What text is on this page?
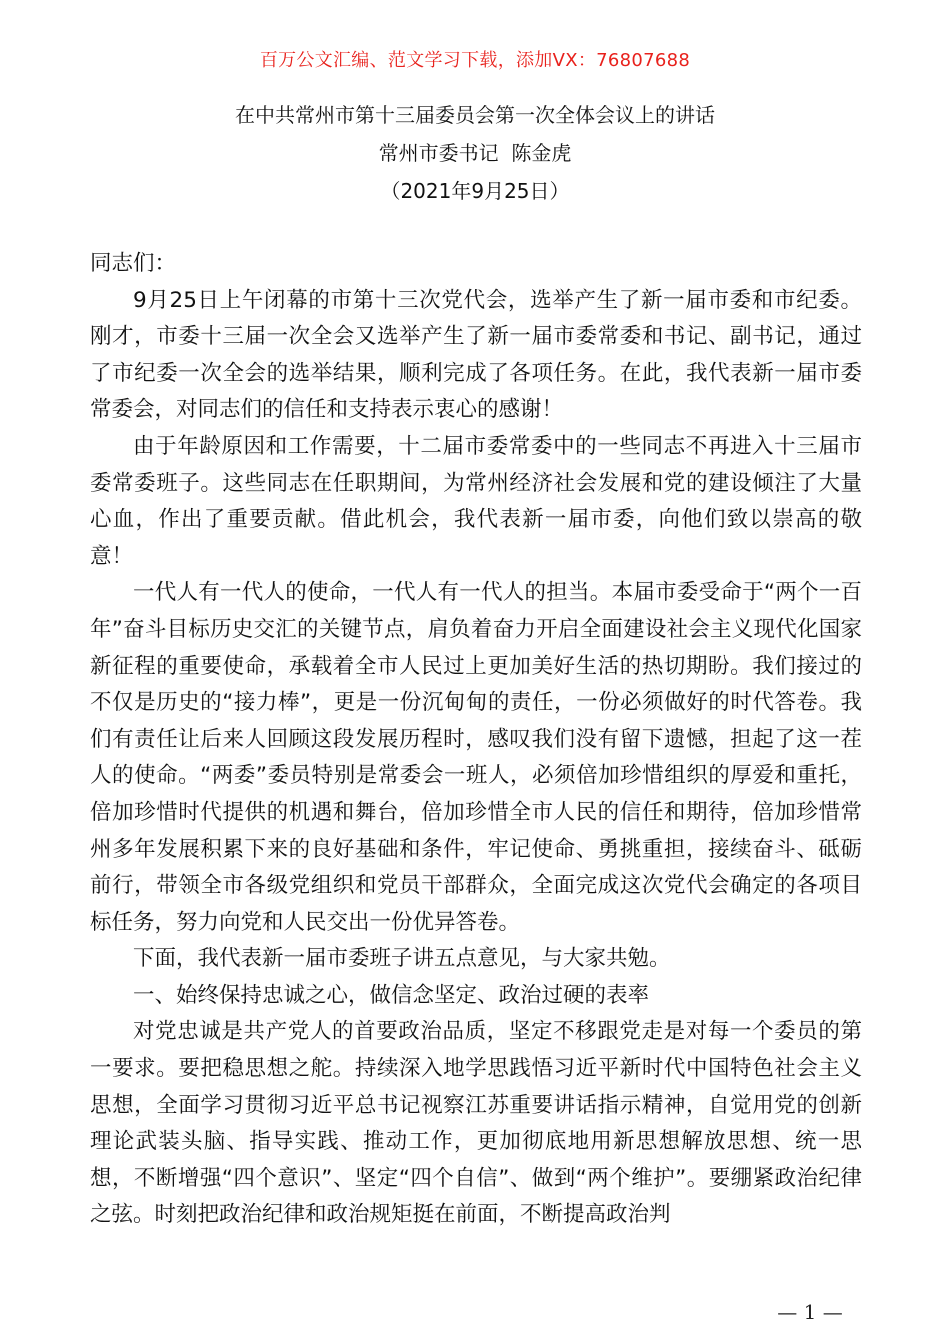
百万公文汇编、范文学习下载，添加VX：76807688
在中共常州市第十三届委员会第一次全体会议上的讲话
常州市委书记  陈金虎
（2021年9月25日）

同志们：

9月25日上午闭幕的市第十三次党代会，选举产生了新一届市委和市纪委。刚才，市委十三届一次全会又选举产生了新一届市委常委和书记、副书记，通过了市纪委一次全会的选举结果，顺利完成了各项任务。在此，我代表新一届市委常委会，对同志们的信任和支持表示衷心的感谢！

由于年龄原因和工作需要，十二届市委常委中的一些同志不再进入十三届市委常委班子。这些同志在任职期间，为常州经济社会发展和党的建设倾注了大量心血，作出了重要贡献。借此机会，我代表新一届市委，向他们致以崇高的敬意！

一代人有一代人的使命，一代人有一代人的担当。本届市委受命于“两个一百年”奋斗目标历史交汇的关键节点，肩负着奋力开启全面建设社会主义现代化国家新征程的重要使命，承载着全市人民过上更加美好生活的热切期盼。我们接过的不仅是历史的“接力棒”，更是一份沉甸甸的责任，一份必须做好的时代答卷。我们有责任让后来人回顾这段发展历程时，感叹我们没有留下遗憾，担起了这一茬人的使命。“两委”委员特别是常委会一班人，必须倍加珍惜组织的厚爱和重托，倍加珍惜时代提供的机遇和舞台，倍加珍惜全市人民的信任和期待，倍加珍惜常州多年发展积累下来的良好基础和条件，牢记使命、勇挑重担，接续奋斗、砥砺前行，带领全市各级党组织和党员干部群众，全面完成这次党代会确定的各项目标任务，努力向党和人民交出一份优异答卷。

下面，我代表新一届市委班子讲五点意见，与大家共勉。

一、始终保持忠诚之心，做信念坚定、政治过硬的表率

对党忠诚是共产党人的首要政治品质，坚定不移跟党走是对每一个委员的第一要求。要把稳思想之舵。持续深入地学思践悟习近平新时代中国特色社会主义思想，全面学习贯彻习近平总书记视察江苏重要讲话指示精神，自觉用党的创新理论武装头脑、指导实践、推动工作，更加彻底地用新思想解放思想、统一思想，不断增强“四个意识”、坚定“四个自信”、做到“两个维护”。要绷紧政治纪律之弦。时刻把政治纪律和政治规矩挺在前面，不断提高政治判

— 1 —
